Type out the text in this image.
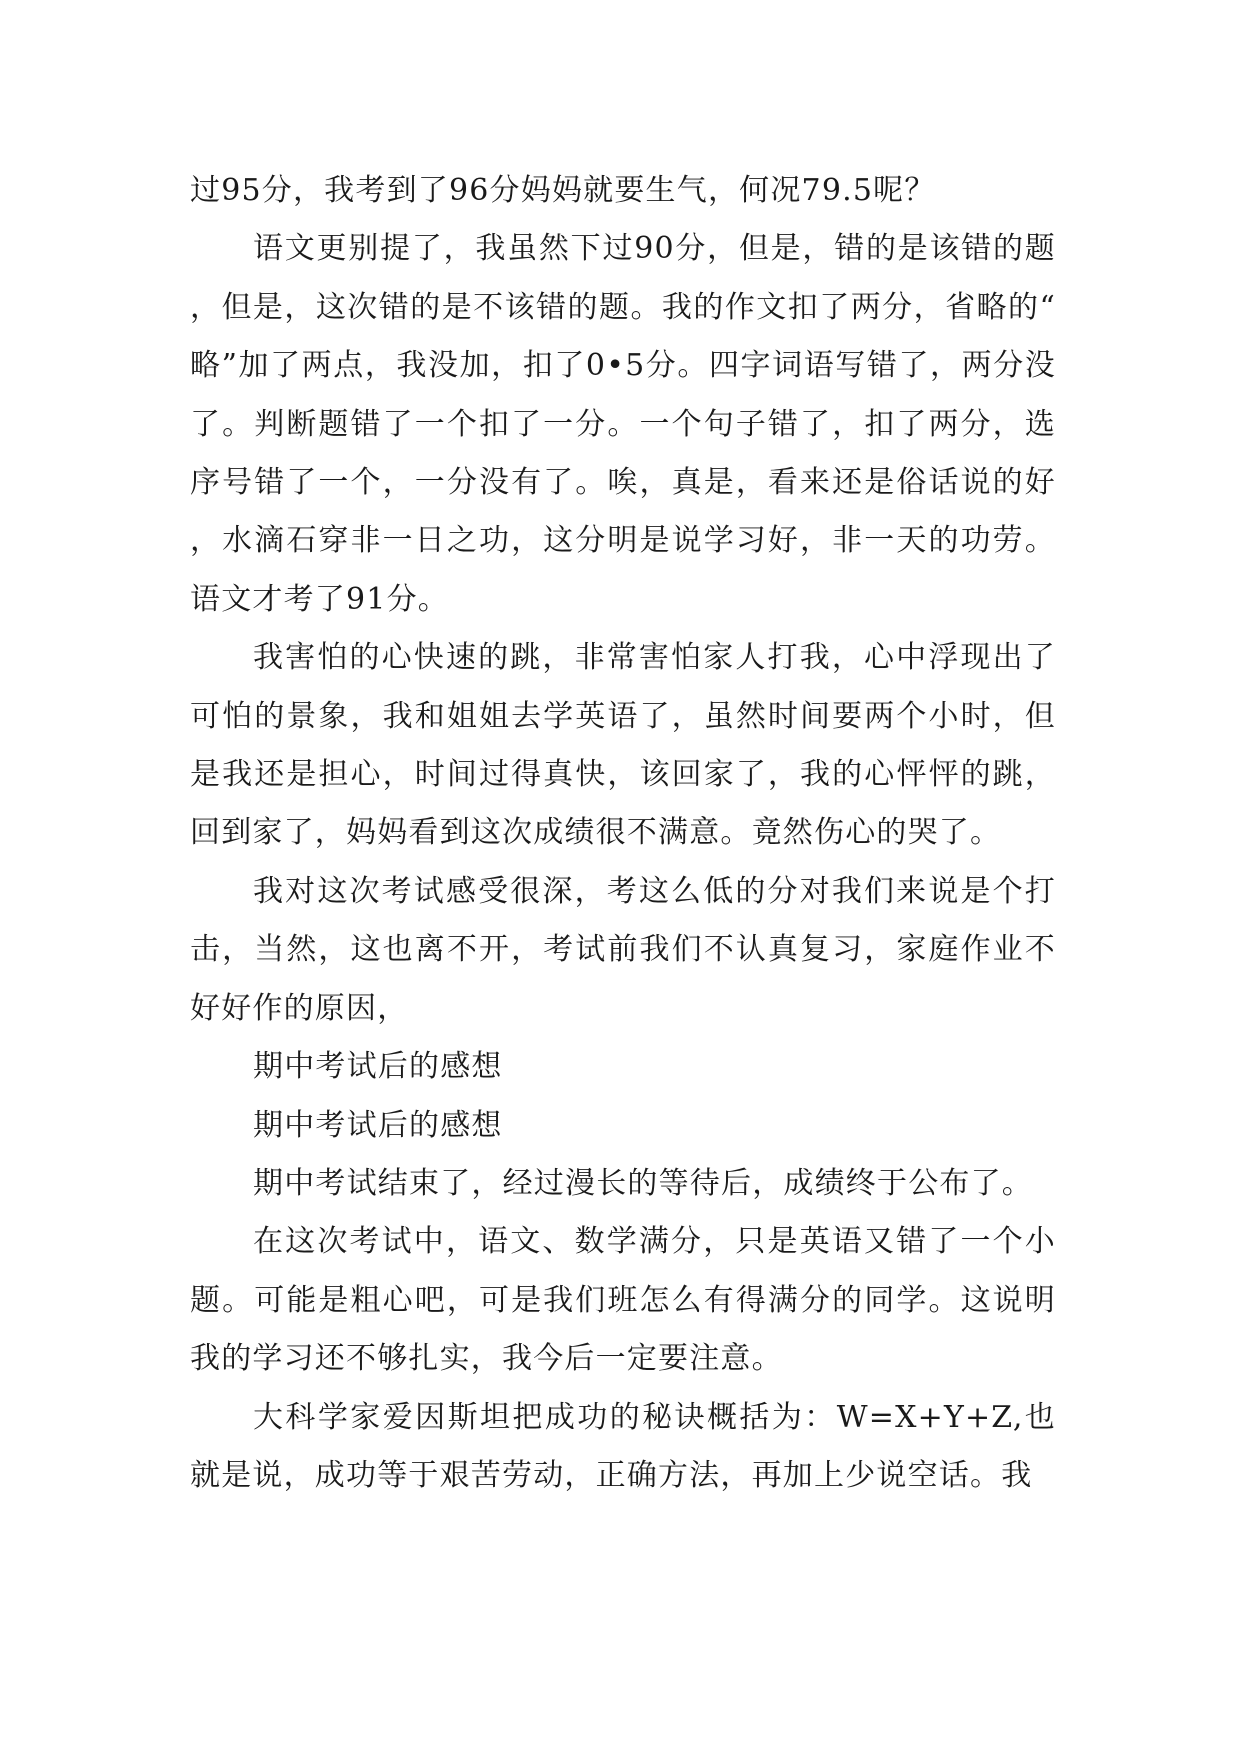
过95分，我考到了96分妈妈就要生气，何况79.5呢？

语文更别提了，我虽然下过90分，但是，错的是该错的题，但是，这次错的是不该错的题。我的作文扣了两分，省略的“略”加了两点，我没加，扣了0•5分。四字词语写错了，两分没了。判断题错了一个扣了一分。一个句子错了，扣了两分，选序号错了一个，一分没有了。唉，真是，看来还是俗话说的好，水滴石穿非一日之功，这分明是说学习好，非一天的功劳。语文才考了91分。

我害怕的心快速的跳，非常害怕家人打我，心中浮现出了可怕的景象，我和姐姐去学英语了，虽然时间要两个小时，但是我还是担心，时间过得真快，该回家了，我的心怦怦的跳，回到家了，妈妈看到这次成绩很不满意。竟然伤心的哭了。

我对这次考试感受很深，考这么低的分对我们来说是个打击，当然，这也离不开，考试前我们不认真复习，家庭作业不好好作的原因，

期中考试后的感想

期中考试后的感想

期中考试结束了，经过漫长的等待后，成绩终于公布了。

在这次考试中，语文、数学满分，只是英语又错了一个小题。可能是粗心吧，可是我们班怎么有得满分的同学。这说明我的学习还不够扎实，我今后一定要注意。

大科学家爱因斯坦把成功的秘诀概括为：W=X+Y+Z,也就是说，成功等于艰苦劳动，正确方法，再加上少说空话。我
